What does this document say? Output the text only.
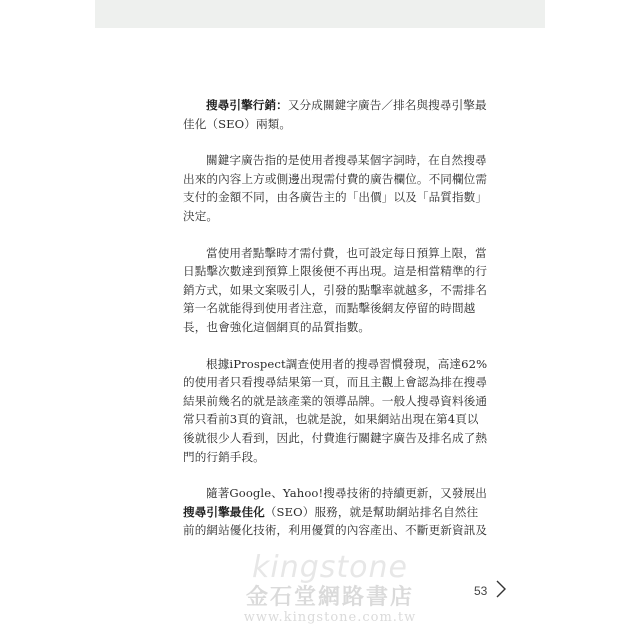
搜尋引擎行銷：又分成關鍵字廣告／排名與搜尋引擎最
佳化（SEO）兩類。

關鍵字廣告指的是使用者搜尋某個字詞時，在自然搜尋
出來的內容上方或側邊出現需付費的廣告欄位。不同欄位需
支付的金額不同，由各廣告主的「出價」以及「品質指數」
決定。

當使用者點擊時才需付費，也可設定每日預算上限，當
日點擊次數達到預算上限後便不再出現。這是相當精準的行
銷方式，如果文案吸引人，引發的點擊率就越多，不需排名
第一名就能得到使用者注意，而點擊後網友停留的時間越
長，也會強化這個網頁的品質指數。

根據iProspect調查使用者的搜尋習慣發現，高達62%
的使用者只看搜尋結果第一頁，而且主觀上會認為排在搜尋
結果前幾名的就是該產業的領導品牌。一般人搜尋資料後通
常只看前3頁的資訊，也就是說，如果網站出現在第4頁以
後就很少人看到，因此，付費進行關鍵字廣告及排名成了熱
門的行銷手段。

隨著Google、Yahoo!搜尋技術的持續更新，又發展出
搜尋引擎最佳化（SEO）服務，就是幫助網站排名自然往
前的網站優化技術，利用優質的內容產出、不斷更新資訊及

kingstone
金石堂網路書店
www.kingstone.com.tw
53
